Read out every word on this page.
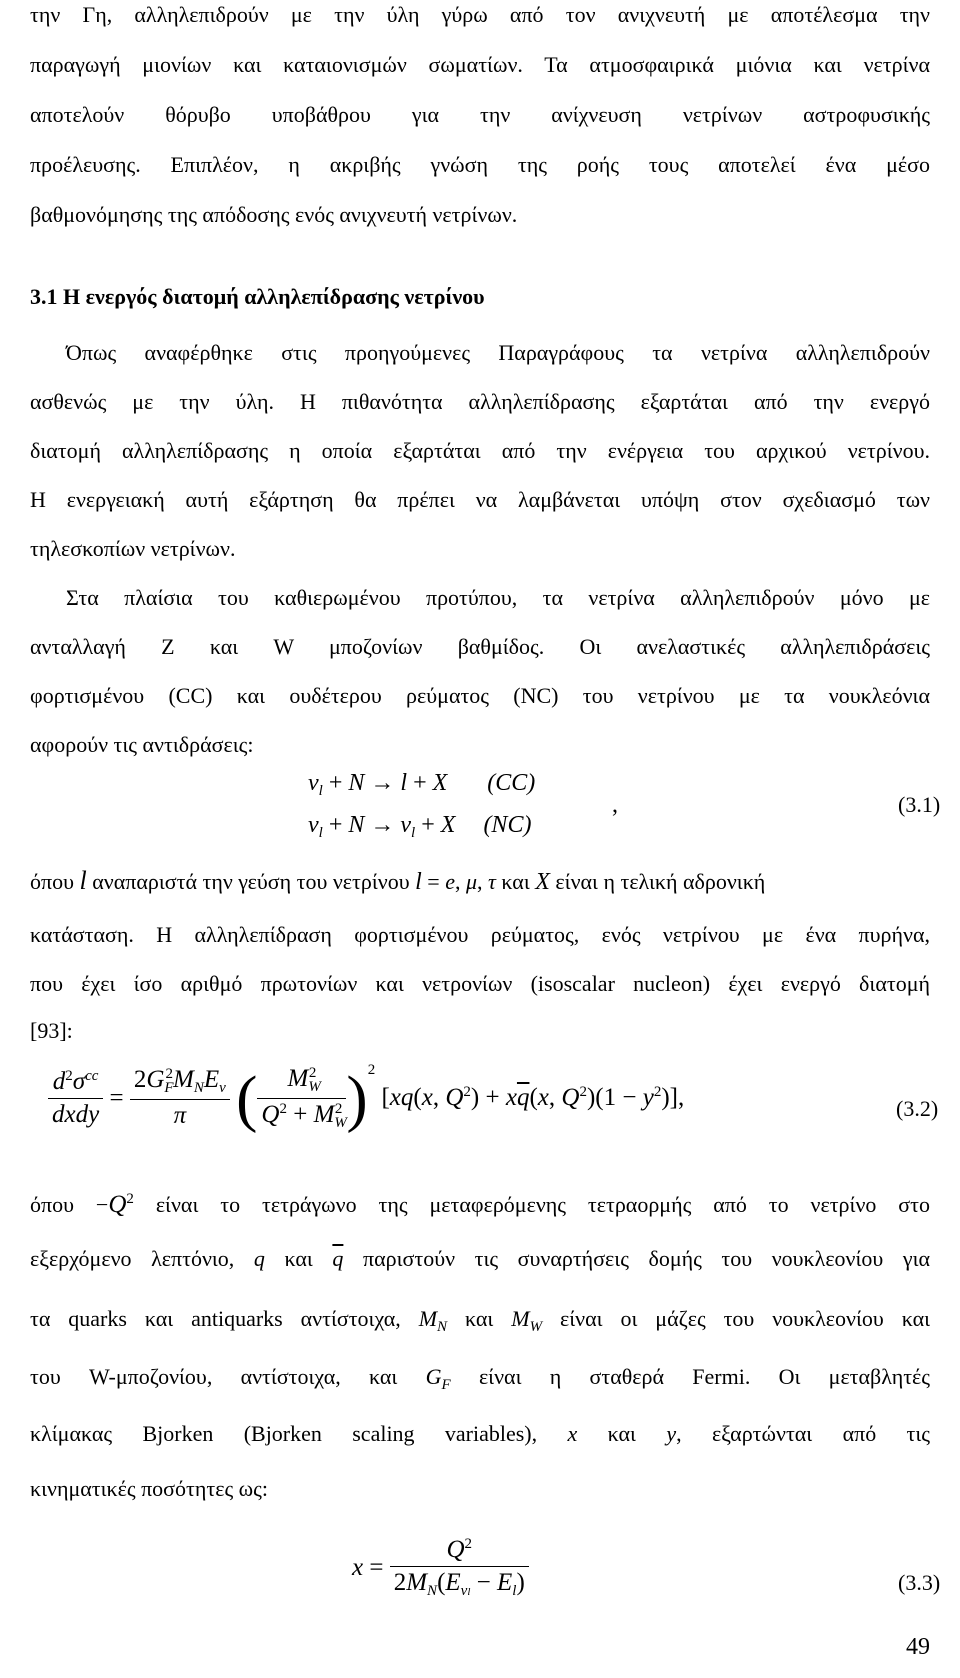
την Γη, αλληλεπιδρούν με την ύλη γύρω από τον ανιχνευτή με αποτέλεσμα την
παραγωγή μιονίων και καταιονισμών σωματίων. Τα ατμοσφαιρικά μιόνια και νετρίνα
αποτελούν θόρυβο υποβάθρου για την ανίχνευση νετρίνων αστροφυσικής
προέλευσης. Επιπλέον, η ακριβής γνώση της ροής τους αποτελεί ένα μέσο
βαθμονόμησης της απόδοσης ενός ανιχνευτή νετρίνων.
3.1 Η ενεργός διατομή αλληλεπίδρασης νετρίνου
Όπως αναφέρθηκε στις προηγούμενες Παραγράφους τα νετρίνα αλληλεπιδρούν
ασθενώς με την ύλη. Η πιθανότητα αλληλεπίδρασης εξαρτάται από την ενεργό
διατομή αλληλεπίδρασης η οποία εξαρτάται από την ενέργεια του αρχικού νετρίνου.
Η ενεργειακή αυτή εξάρτηση θα πρέπει να λαμβάνεται υπόψη στον σχεδιασμό των
τηλεσκοπίων νετρίνων.
Στα πλαίσια του καθιερωμένου προτύπου, τα νετρίνα αλληλεπιδρούν μόνο με
ανταλλαγή Z και W μποζονίων βαθμίδος. Οι ανελαστικές αλληλεπιδράσεις
φορτισμένου (CC) και ουδέτερου ρεύματος (NC) του νετρίνου με τα νουκλεόνια
αφορούν τις αντιδράσεις:
$\nu_l + N \to l + X$ (CC)
$\nu_l + N \to \nu_l + X$ (NC)
,	(3.1)
όπου l αναπαριστά την γεύση του νετρίνου l = e, μ, τ και X είναι η τελική αδρονική
κατάσταση. Η αλληλεπίδραση φορτισμένου ρεύματος, ενός νετρίνου με ένα πυρήνα,
που έχει ίσο αριθμό πρωτονίων και νετρονίων (isoscalar nucleon) έχει ενεργό διατομή
[93]:
$\frac{d^2\sigma^{cc}}{\text{dxdy}} = \frac{2G_F^2M_NE_\nu}{\pi}$ ( $\frac{M_W^2}{Q^2 + M_W^2} )^2$ [xq(x, $Q^2) + x\overline{q}(x$, $Q^2)(1 - y^2)$],	(3.2)
$ό\pi o\upsilon -Q^2$ είναι το τετράγωνο της μεταφερόμενης τετραορμής από το νετρίνο στο
εξερχόμενο λεπτόνιο, q και $\overline{q}$ παριστούν τις συναρτήσεις δομής του νουκλεονίου για
τα quarks και antiquarks αντίστοιχα, $M_N$ και $M_W$ είναι οι μάζες του νουκλεονίου και
του W-μποζονίου, αντίστοιχα, και $G_F$ είναι η σταθερά Fermi. Οι μεταβλητές
κλίμακας Bjorken (Bjorken scaling variables), x και y, εξαρτώνται από τις
κινηματικές ποσότητες ως:
$x = \frac{Q^2}{2M_N(E_{\nu l} - E_l)}$	(3.3)
49
